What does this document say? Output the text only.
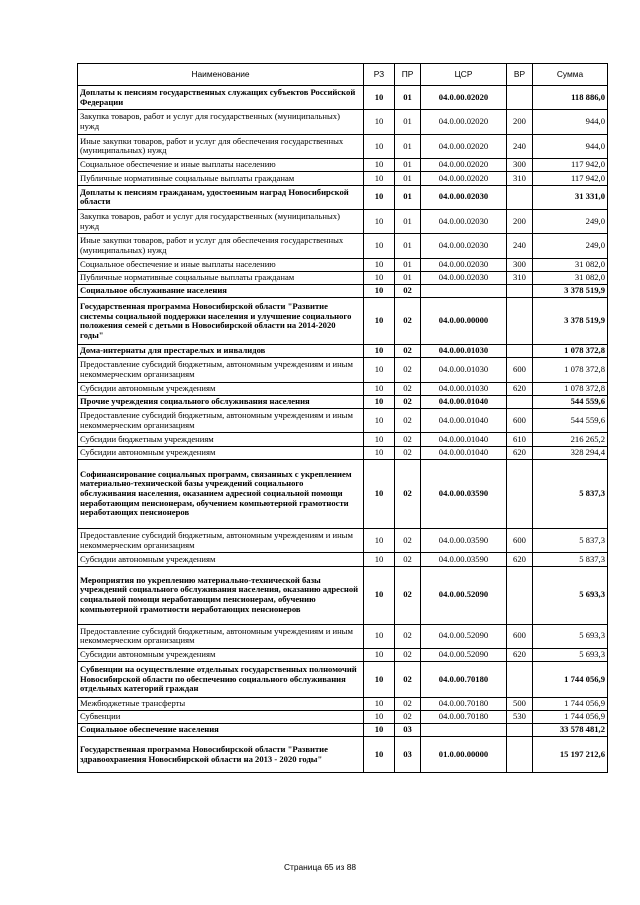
Наименование	РЗ	ПР	ЦСР	ВР	Сумма
Доплаты к пенсиям государственных служащих субъектов Российской Федерации	10	01	04.0.00.02020		118 886,0
Закупка товаров, работ и услуг для государственных (муниципальных) нужд	10	01	04.0.00.02020	200	944,0
Иные закупки товаров, работ и услуг для обеспечения государственных (муниципальных) нужд	10	01	04.0.00.02020	240	944,0
Социальное обеспечение и иные выплаты населению	10	01	04.0.00.02020	300	117 942,0
Публичные нормативные социальные выплаты гражданам	10	01	04.0.00.02020	310	117 942,0
Доплаты к пенсиям гражданам, удостоенным наград Новосибирской области	10	01	04.0.00.02030		31 331,0
Закупка товаров, работ и услуг для государственных (муниципальных) нужд	10	01	04.0.00.02030	200	249,0
Иные закупки товаров, работ и услуг для обеспечения государственных (муниципальных) нужд	10	01	04.0.00.02030	240	249,0
Социальное обеспечение и иные выплаты населению	10	01	04.0.00.02030	300	31 082,0
Публичные нормативные социальные выплаты гражданам	10	01	04.0.00.02030	310	31 082,0
Социальное обслуживание населения	10	02			3 378 519,9
Государственная программа Новосибирской области "Развитие системы социальной поддержки населения и улучшение социального положения семей с детьми в Новосибирской области на 2014-2020 годы"	10	02	04.0.00.00000		3 378 519,9
Дома-интернаты для престарелых и инвалидов	10	02	04.0.00.01030		1 078 372,8
Предоставление субсидий бюджетным, автономным учреждениям и иным некоммерческим организациям	10	02	04.0.00.01030	600	1 078 372,8
Субсидии автономным учреждениям	10	02	04.0.00.01030	620	1 078 372,8
Прочие учреждения социального обслуживания населения	10	02	04.0.00.01040		544 559,6
Предоставление субсидий бюджетным, автономным учреждениям и иным некоммерческим организациям	10	02	04.0.00.01040	600	544 559,6
Субсидии бюджетным учреждениям	10	02	04.0.00.01040	610	216 265,2
Субсидии автономным учреждениям	10	02	04.0.00.01040	620	328 294,4
Софинансирование социальных программ, связанных с укреплением материально-технической базы учреждений социального обслуживания населения, оказанием адресной социальной помощи неработающим пенсионерам, обучением компьютерной грамотности неработающих пенсионеров	10	02	04.0.00.03590		5 837,3
Предоставление субсидий бюджетным, автономным учреждениям и иным некоммерческим организациям	10	02	04.0.00.03590	600	5 837,3
Субсидии автономным учреждениям	10	02	04.0.00.03590	620	5 837,3
Мероприятия по укреплению материально-технической базы учреждений социального обслуживания населения, оказанию адресной социальной помощи неработающим пенсионерам, обучению компьютерной грамотности неработающих пенсионеров	10	02	04.0.00.52090		5 693,3
Предоставление субсидий бюджетным, автономным учреждениям и иным некоммерческим организациям	10	02	04.0.00.52090	600	5 693,3
Субсидии автономным учреждениям	10	02	04.0.00.52090	620	5 693,3
Субвенции на осуществление отдельных государственных полномочий Новосибирской области по обеспечению социального обслуживания отдельных категорий граждан	10	02	04.0.00.70180		1 744 056,9
Межбюджетные трансферты	10	02	04.0.00.70180	500	1 744 056,9
Субвенции	10	02	04.0.00.70180	530	1 744 056,9
Социальное обеспечение населения	10	03			33 578 481,2
Государственная программа Новосибирской области "Развитие здравоохранения Новосибирской области на 2013 - 2020 годы"	10	03	01.0.00.00000		15 197 212,6
Страница 65 из 88
